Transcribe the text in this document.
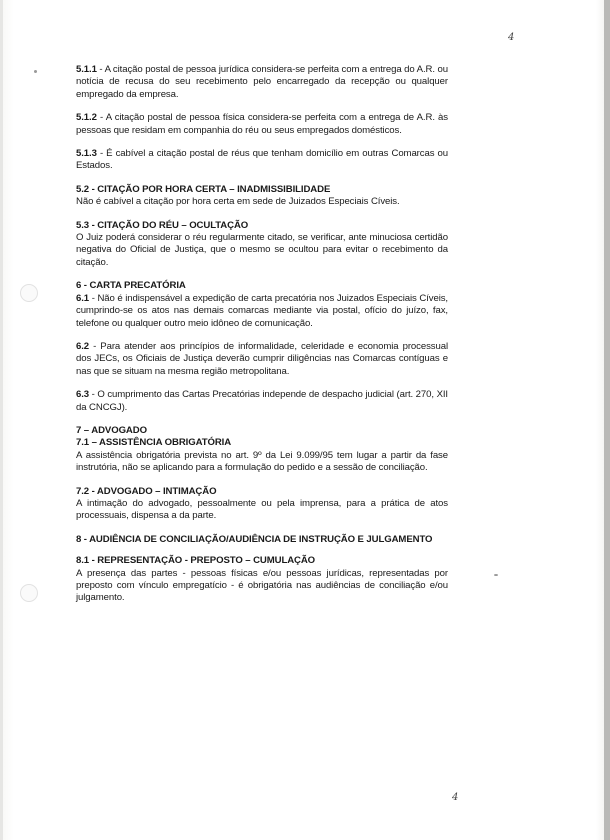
4

5.1.1 - A citação postal de pessoa jurídica considera-se perfeita com a entrega do A.R. ou notícia de recusa do seu recebimento pelo encarregado da recepção ou qualquer empregado da empresa.

5.1.2 - A citação postal de pessoa física considera-se perfeita com a entrega de A.R. às pessoas que residam em companhia do réu ou seus empregados domésticos.

5.1.3 - É cabível a citação postal de réus que tenham domicílio em outras Comarcas ou Estados.

5.2 - CITAÇÃO POR HORA CERTA – INADMISSIBILIDADE
Não é cabível a citação por hora certa em sede de Juizados Especiais Cíveis.

5.3 - CITAÇÃO DO RÉU – OCULTAÇÃO
O Juiz poderá considerar o réu regularmente citado, se verificar, ante minuciosa certidão negativa do Oficial de Justiça, que o mesmo se ocultou para evitar o recebimento da citação.

6 - CARTA PRECATÓRIA
6.1 - Não é indispensável a expedição de carta precatória nos Juizados Especiais Cíveis, cumprindo-se os atos nas demais comarcas mediante via postal, ofício do juízo, fax, telefone ou qualquer outro meio idôneo de comunicação.

6.2 - Para atender aos princípios de informalidade, celeridade e economia processual dos JECs, os Oficiais de Justiça deverão cumprir diligências nas Comarcas contíguas e nas que se situam na mesma região metropolitana.

6.3 - O cumprimento das Cartas Precatórias independe de despacho judicial (art. 270, XII da CNCGJ).

7 – ADVOGADO
7.1 – ASSISTÊNCIA OBRIGATÓRIA
A assistência obrigatória prevista no art. 9º da Lei 9.099/95 tem lugar a partir da fase instrutória, não se aplicando para a formulação do pedido e a sessão de conciliação.

7.2 - ADVOGADO – INTIMAÇÃO
A intimação do advogado, pessoalmente ou pela imprensa, para a prática de atos processuais, dispensa a da parte.

8 - AUDIÊNCIA DE CONCILIAÇÃO/AUDIÊNCIA DE INSTRUÇÃO E JULGAMENTO

8.1 - REPRESENTAÇÃO - PREPOSTO – CUMULAÇÃO
A presença das partes - pessoas físicas e/ou pessoas jurídicas, representadas por preposto com vínculo empregatício - é obrigatória nas audiências de conciliação e/ou julgamento.

4
